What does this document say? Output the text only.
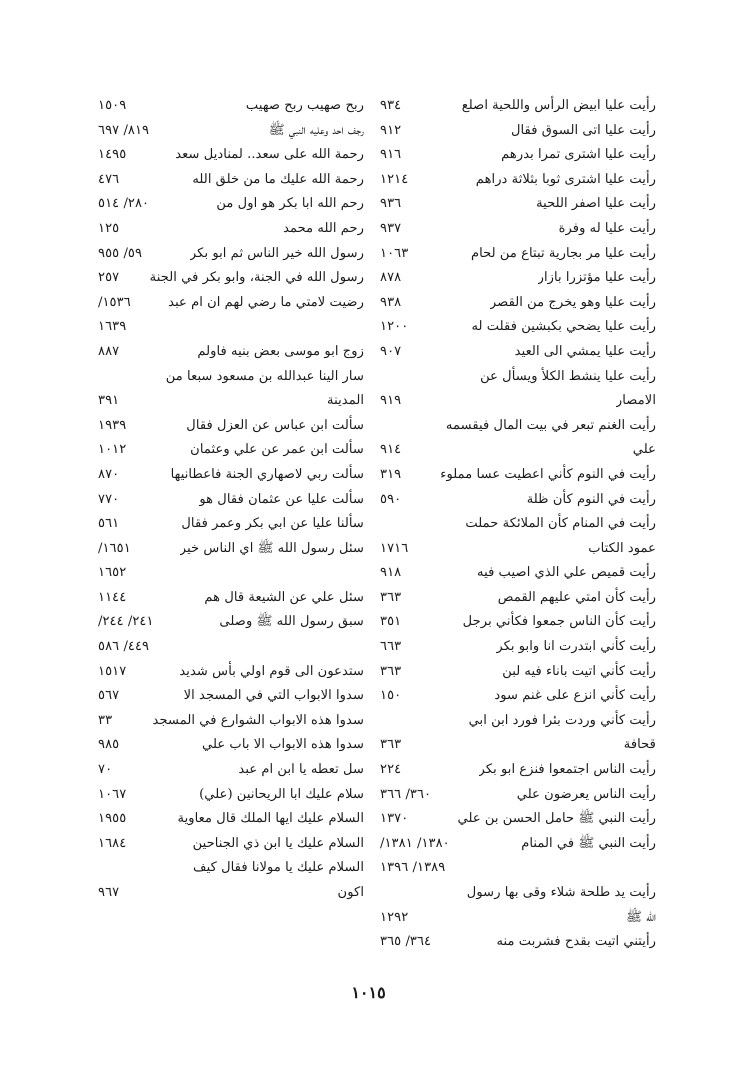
رأيت عليا ابيض الرأس واللحية اصلع
٩٣٤
رأيت عليا اتى السوق فقال
٩١٢
رأيت عليا اشترى تمرا بدرهم
٩١٦
رأيت عليا اشترى ثوبا بثلاثة دراهم
١٢١٤
رأيت عليا اصفر اللحية
٩٣٦
رأيت عليا له وفرة
٩٣٧
رأيت عليا مر بجارية تبتاع من لحام
١٠٦٣
رأيت عليا مؤتزرا بازار
٨٧٨
رأيت عليا وهو يخرج من القصر
٩٣٨
رأيت عليا يضحي بكبشين فقلت له
١٢٠٠
رأيت عليا يمشي الى العيد
٩٠٧
رأيت عليا ينشط الكلأ ويسأل عن
الامصار
٩١٩
رأيت الغنم تبعر في بيت المال فيقسمه
علي
٩١٤
رأيت في النوم كأني اعطيت عسا مملوء
٣١٩
رأيت في النوم كأن ظلة
٥٩٠
رأيت في المنام كأن الملائكة حملت
عمود الكتاب
١٧١٦
رأيت قميص علي الذي اصيب فيه
٩١٨
رأيت كأن امتي عليهم القمص
٣٦٣
رأيت كأن الناس جمعوا فكأني برجل
٣٥١
رأيت كأني ابتدرت انا وابو بكر
٦٦٣
رأيت كأني اتيت باناء فيه لبن
٣٦٣
رأيت كأني انزع على غنم سود
١٥٠
رأيت كأني وردت بئرا فورد ابن ابي
قحافة
٣٦٣
رأيت الناس اجتمعوا فنزع ابو بكر
٢٢٤
رأيت الناس يعرضون علي
٣٦٠/ ٣٦٦
رأيت النبي ﷺ حامل الحسن بن علي
١٣٧٠
رأيت النبي ﷺ في المنام
١٣٨٠/ ١٣٨١/
١٣٨٩/ ١٣٩٦
رأيت يد طلحة شلاء وقى بها رسول
الله ﷺ
١٢٩٢
رأيتني اتيت بقدح فشربت منه
٣٦٤/ ٣٦٥
ربح صهيب ربح صهيب
١٥٠٩
رجف احد وعليه النبي ﷺ
٨١٩/ ٦٩٧
رحمة الله على سعد.. لمناديل سعد
١٤٩٥
رحمة الله عليك ما من خلق الله
٤٧٦
رحم الله ابا بكر هو اول من
٢٨٠/ ٥١٤
رحم الله محمد
١٢٥
رسول الله خير الناس ثم ابو بكر
٥٩/ ٩٥٥
رسول الله في الجنة، وابو بكر في الجنة
٢٥٧
رضيت لامتي ما رضي لهم ان ام عبد
١٥٣٦/
١٦٣٩
زوج ابو موسى بعض بنيه فاولم
٨٨٧
سار الينا عبدالله بن مسعود سبعا من
المدينة
٣٩١
سألت ابن عباس عن العزل فقال
١٩٣٩
سألت ابن عمر عن علي وعثمان
١٠١٢
سألت ربي لاصهاري الجنة فاعطانيها
٨٧٠
سألت عليا عن عثمان فقال هو
٧٧٠
سألنا عليا عن ابي بكر وعمر فقال
٥٦١
سئل رسول الله ﷺ اي الناس خير
١٦٥١/
١٦٥٢
سئل علي عن الشيعة قال هم
١١٤٤
سبق رسول الله ﷺ وصلى
٢٤١/ ٢٤٤/
٤٤٩/ ٥٨٦
ستدعون الى قوم اولي بأس شديد
١٥١٧
سدوا الابواب التي في المسجد الا
٥٦٧
سدوا هذه الابواب الشوارع في المسجد
٣٣
سدوا هذه الابواب الا باب علي
٩٨٥
سل تعطه يا ابن ام عبد
٧٠
سلام عليك ابا الريحانين (علي)
١٠٦٧
السلام عليك ايها الملك قال معاوية
١٩٥٥
السلام عليك يا ابن ذي الجناحين
١٦٨٤
السلام عليك يا مولانا فقال كيف
اكون
٩٦٧
١٠١٥
